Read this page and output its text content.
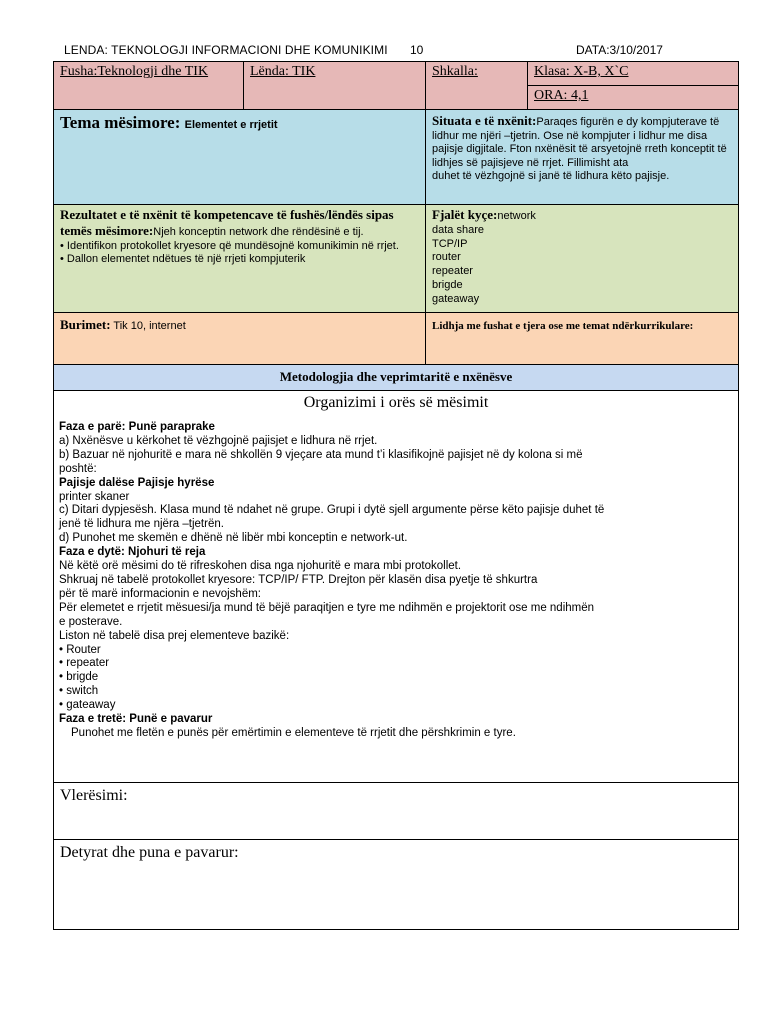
LENDA: TEKNOLOGJI INFORMACIONI DHE KOMUNIKIMI 10	DATA:3/10/2017
Fusha:Teknologji dhe TIK	Lënda: TIK	Shkalla:	Klasa: X-B, X`C
ORA: 4,1
Tema mësimore: Elementet e rrjetit	Situata e të nxënit:Paraqes figurën e dy kompjuterave të lidhur me njëri –tjetrin. Ose në kompjuter i lidhur me disa pajisje digjitale. Fton nxënësit të arsyetojnë rreth konceptit të lidhjes së pajisjeve në rrjet. Fillimisht ata
duhet të vëzhgojnë si janë të lidhura këto pajisje.
Rezultatet e të nxënit të kompetencave të fushës/lëndës sipas temës mësimore:Njeh konceptin network dhe rëndësinë e tij.
• Identifikon protokollet kryesore që mundësojnë komunikimin në rrjet.
• Dallon elementet ndëtues të një rrjeti kompjuterik
Fjalët kyçe:network
data share
TCP/IP
router
repeater
brigde
gateaway
Burimet: Tik 10, internet	Lidhja me fushat e tjera ose me temat ndërkurrikulare:
Metodologjia dhe veprimtaritë e nxënësve
Organizimi i orës së mësimit
Faza e parë: Punë paraprake
a) Nxënësve u kërkohet të vëzhgojnë pajisjet e lidhura në rrjet.
b) Bazuar në njohuritë e mara në shkollën 9 vjeçare ata mund t’i klasifikojnë pajisjet në dy kolona si më
poshtë:
Pajisje dalëse Pajisje hyrëse
printer skaner
c) Ditari dypjesësh. Klasa mund të ndahet në grupe. Grupi i dytë sjell argumente përse këto pajisje duhet të
jenë të lidhura me njëra –tjetrën.
d) Punohet me skemën e dhënë në libër mbi konceptin e network-ut.
Faza e dytë: Njohuri të reja
Në këtë orë mësimi do të rifreskohen disa nga njohuritë e mara mbi protokollet.
Shkruaj në tabelë protokollet kryesore: TCP/IP/ FTP. Drejton për klasën disa pyetje të shkurtra
për të marë informacionin e nevojshëm:
Për elemetet e rrjetit mësuesi/ja mund të bëjë paraqitjen e tyre me ndihmën e projektorit ose me ndihmën
e posterave.
Liston në tabelë disa prej elementeve bazikë:
• Router
• repeater
• brigde
• switch
• gateaway
Faza e tretë: Punë e pavarur
Punohet me fletën e punës për emërtimin e elementeve të rrjetit dhe përshkrimin e tyre.
Vlerësimi:
Detyrat dhe puna e pavarur:
